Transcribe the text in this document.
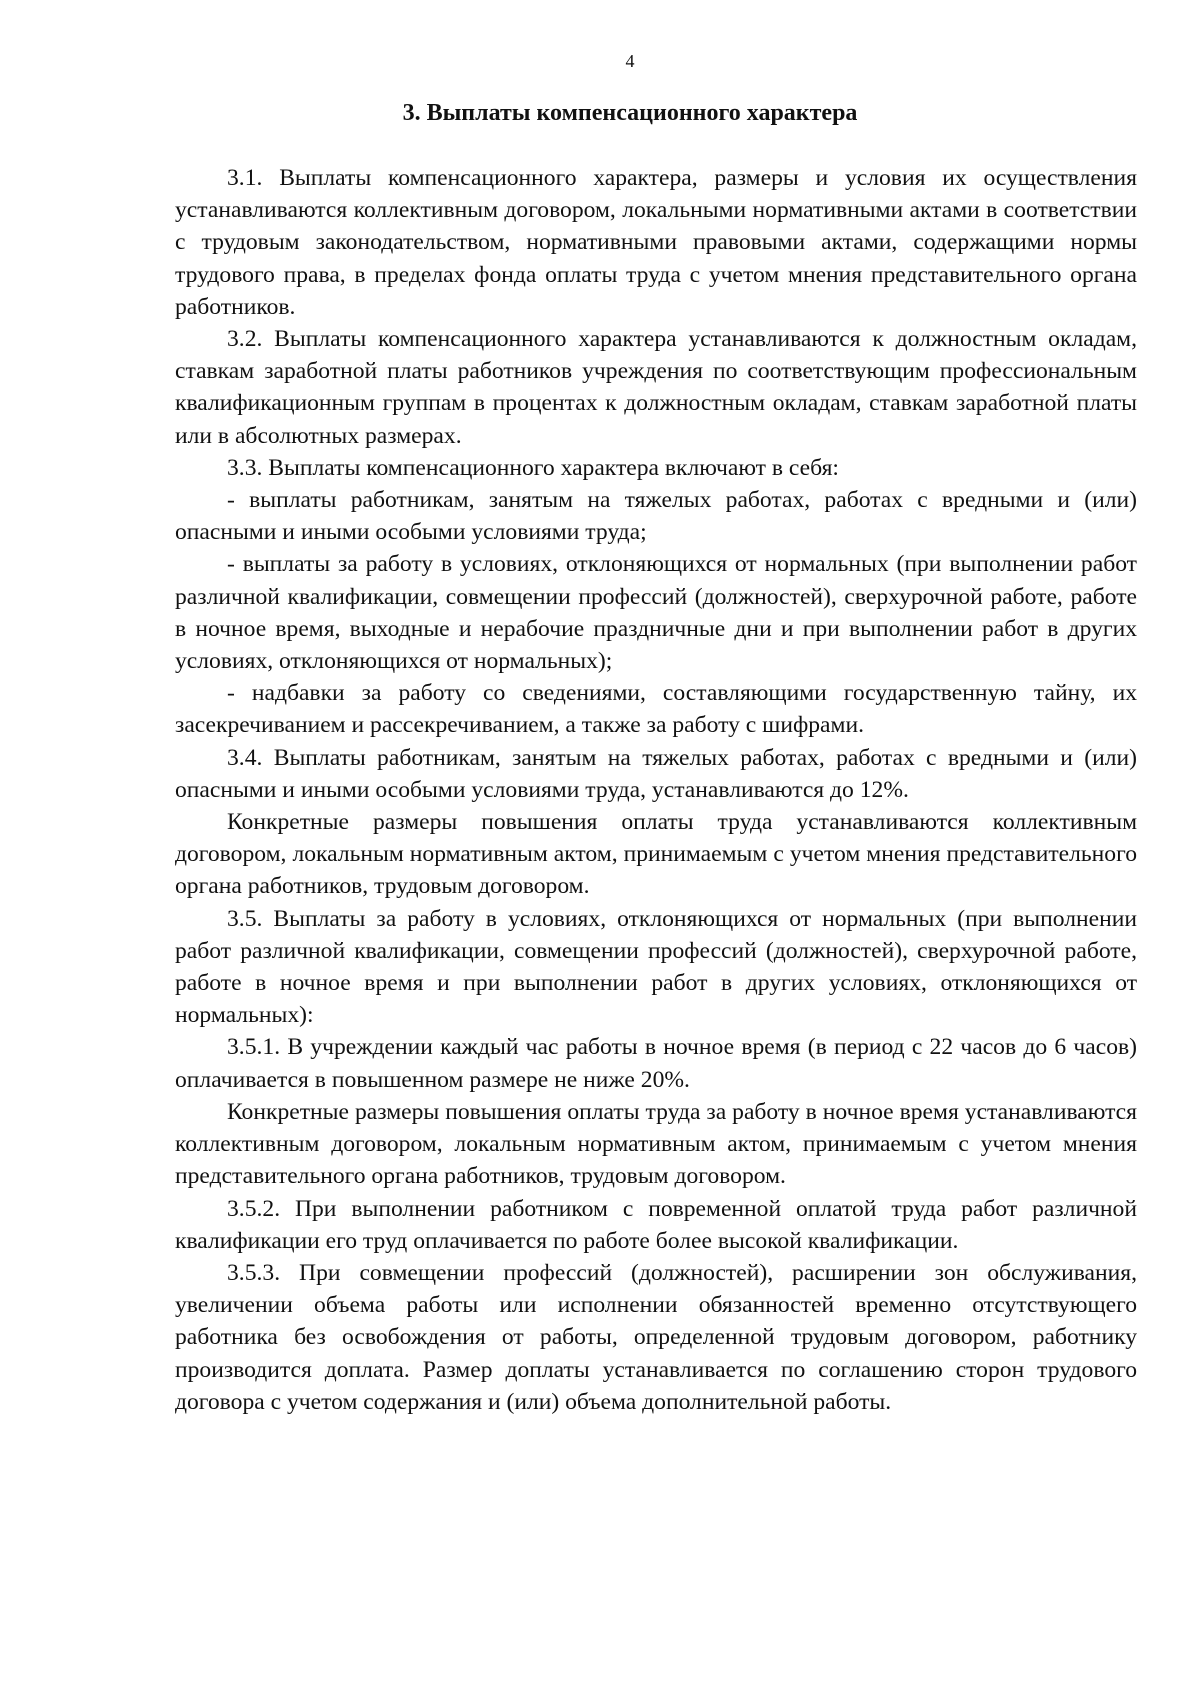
4
3. Выплаты компенсационного характера

3.1. Выплаты компенсационного характера, размеры и условия их осуществления устанавливаются коллективным договором, локальными нормативными актами в соответствии с трудовым законодательством, нормативными правовыми актами, содержащими нормы трудового права, в пределах фонда оплаты труда с учетом мнения представительного органа работников.

3.2. Выплаты компенсационного характера устанавливаются к должностным окладам, ставкам заработной платы работников учреждения по соответствующим профессиональным квалификационным группам в процентах к должностным окладам, ставкам заработной платы или в абсолютных размерах.

3.3. Выплаты компенсационного характера включают в себя:

- выплаты работникам, занятым на тяжелых работах, работах с вредными и (или) опасными и иными особыми условиями труда;

- выплаты за работу в условиях, отклоняющихся от нормальных (при выполнении работ различной квалификации, совмещении профессий (должностей), сверхурочной работе, работе в ночное время, выходные и нерабочие праздничные дни и при выполнении работ в других условиях, отклоняющихся от нормальных);

- надбавки за работу со сведениями, составляющими государственную тайну, их засекречиванием и рассекречиванием, а также за работу с шифрами.

3.4. Выплаты работникам, занятым на тяжелых работах, работах с вредными и (или) опасными и иными особыми условиями труда, устанавливаются до 12%.

Конкретные размеры повышения оплаты труда устанавливаются коллективным договором, локальным нормативным актом, принимаемым с учетом мнения представительного органа работников, трудовым договором.

3.5. Выплаты за работу в условиях, отклоняющихся от нормальных (при выполнении работ различной квалификации, совмещении профессий (должностей), сверхурочной работе, работе в ночное время и при выполнении работ в других условиях, отклоняющихся от нормальных):

3.5.1. В учреждении каждый час работы в ночное время (в период с 22 часов до 6 часов) оплачивается в повышенном размере не ниже 20%.

Конкретные размеры повышения оплаты труда за работу в ночное время устанавливаются коллективным договором, локальным нормативным актом, принимаемым с учетом мнения представительного органа работников, трудовым договором.

3.5.2. При выполнении работником с повременной оплатой труда работ различной квалификации его труд оплачивается по работе более высокой квалификации.

3.5.3. При совмещении профессий (должностей), расширении зон обслуживания, увеличении объема работы или исполнении обязанностей временно отсутствующего работника без освобождения от работы, определенной трудовым договором, работнику производится доплата. Размер доплаты устанавливается по соглашению сторон трудового договора с учетом содержания и (или) объема дополнительной работы.
